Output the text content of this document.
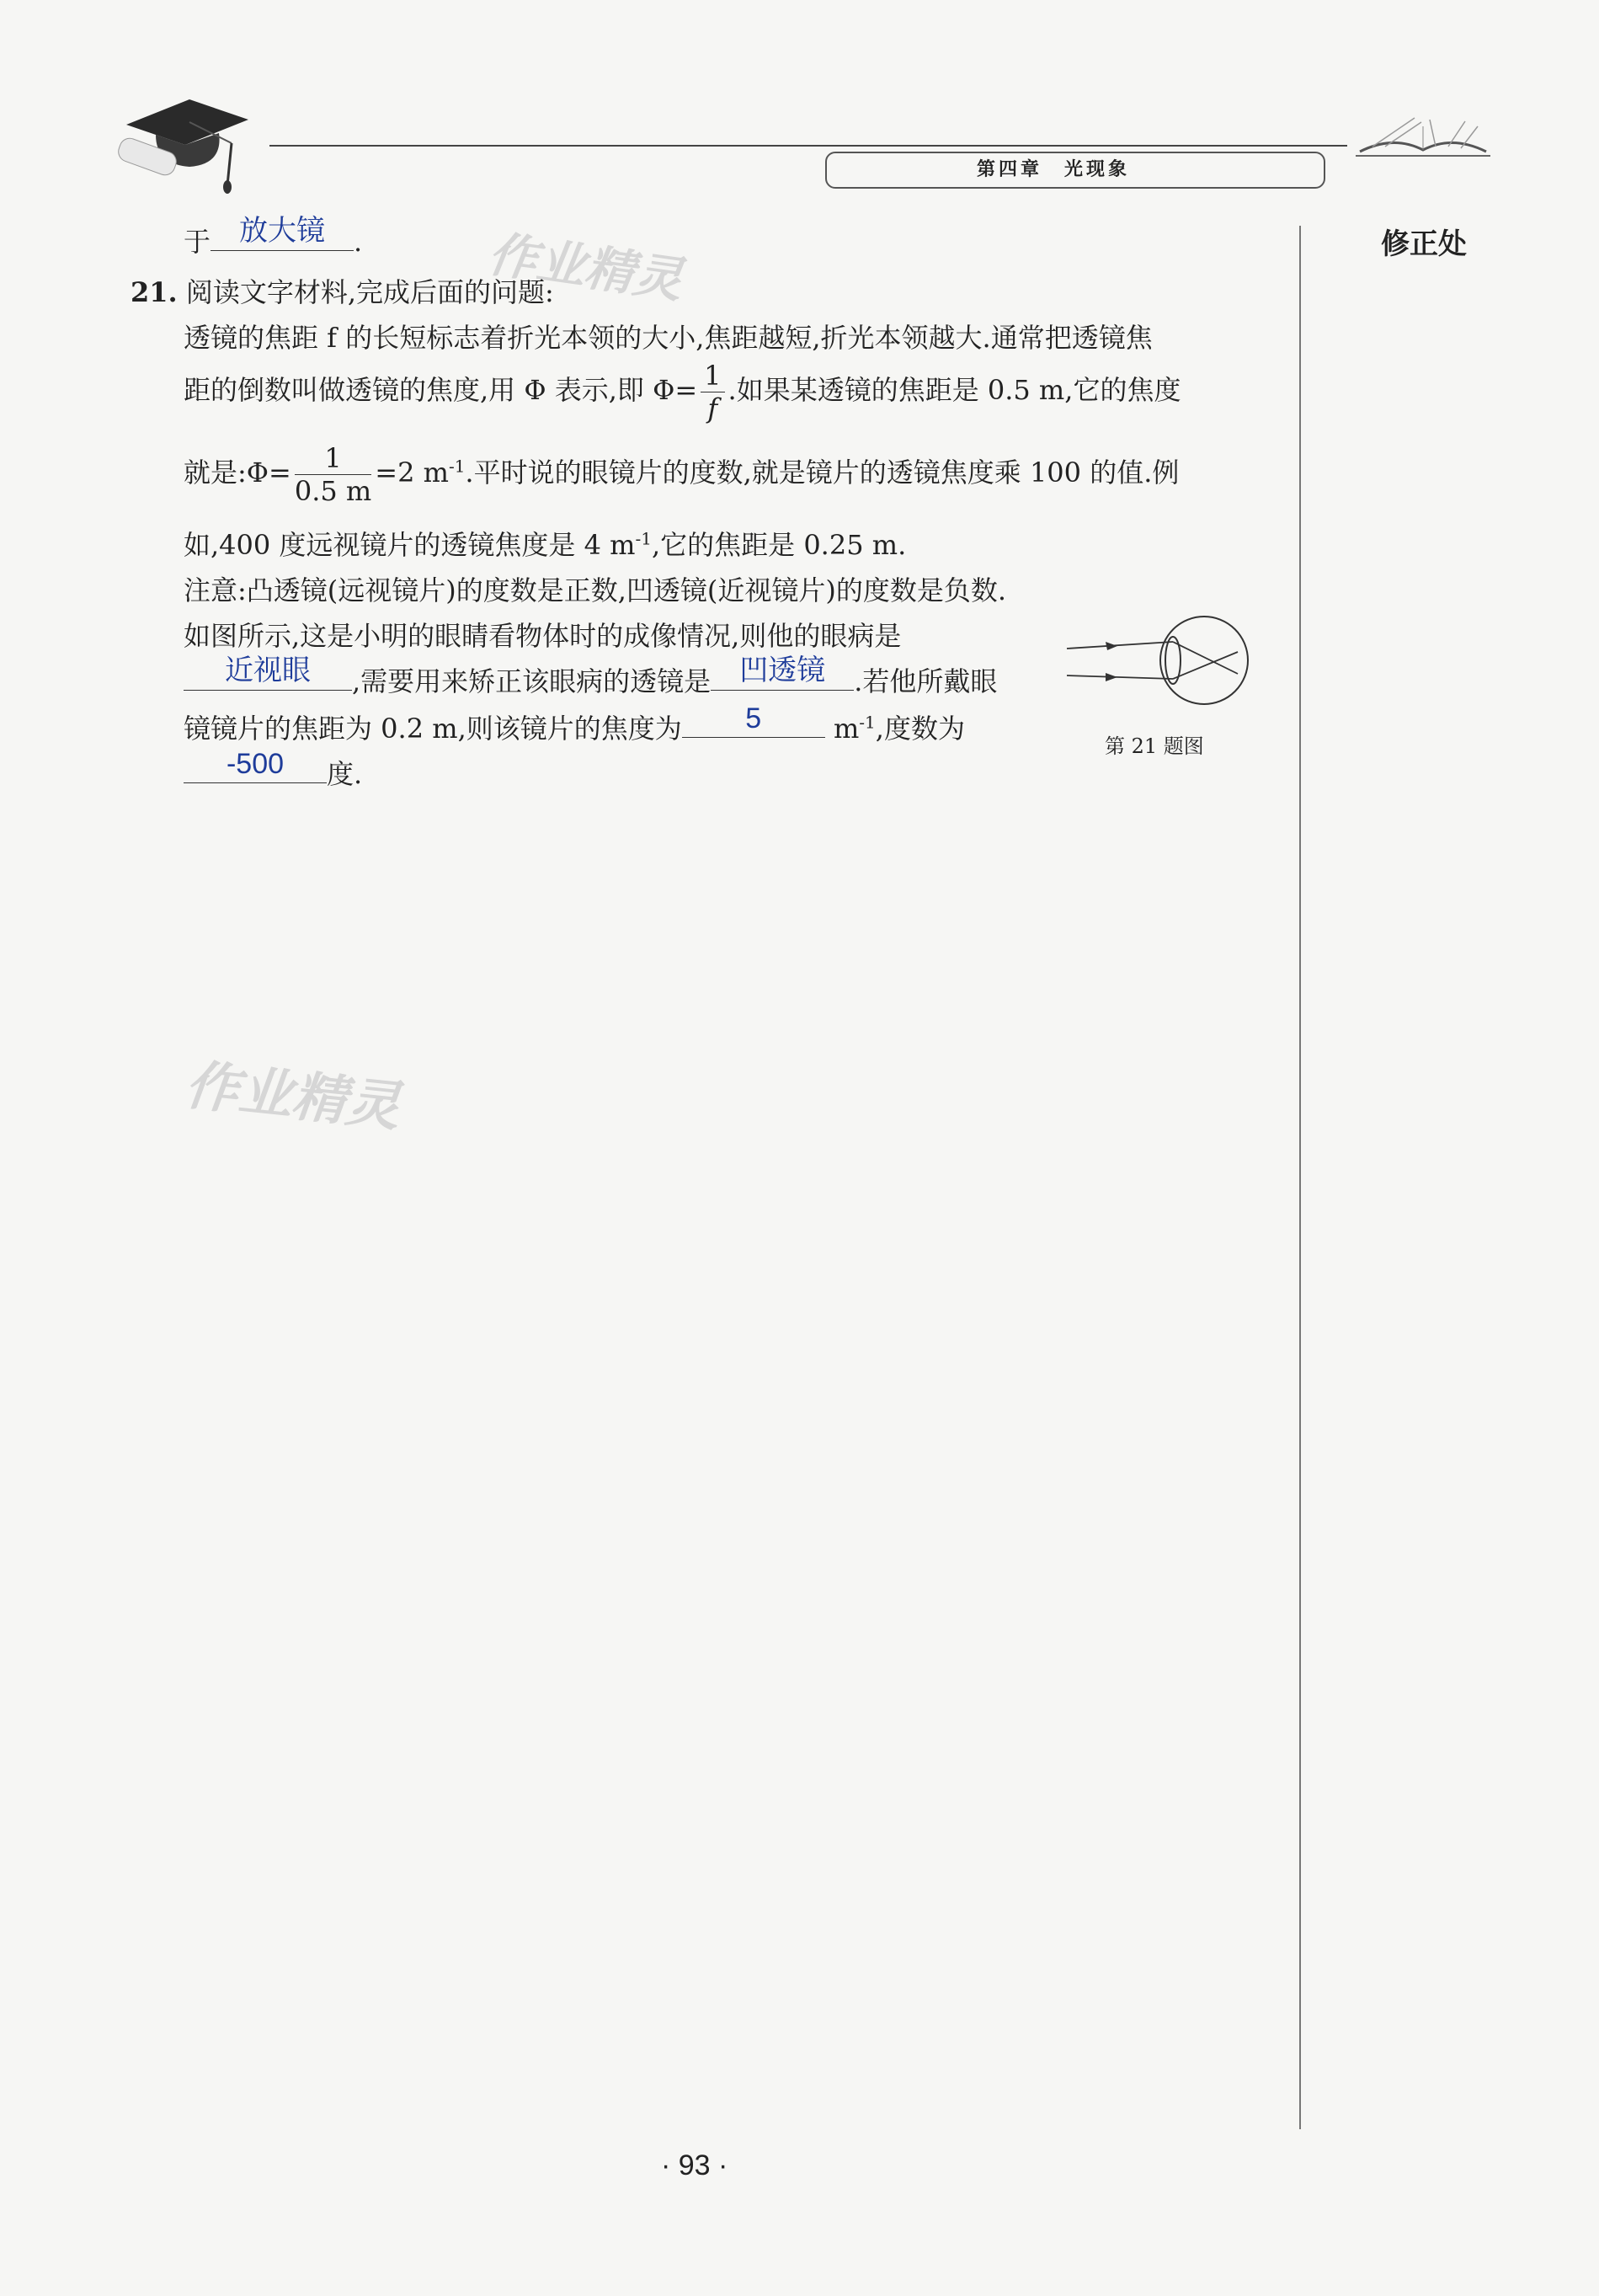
第四章　光现象
修正处
作业精灵
作业精灵
于	放大镜	.
21. 阅读文字材料,完成后面的问题:
透镜的焦距 f 的长短标志着折光本领的大小,焦距越短,折光本领越大.通常把透镜焦
距的倒数叫做透镜的焦度,用 Φ 表示,即 $\Phi= \frac{1}{f}$ .如果某透镜的焦距是 0.5 m,它的焦度
就是:Φ= $\frac{1}{0.5 m} =2$ $m^{-1}$.平时说的眼镜片的度数,就是镜片的透镜焦度乘 100 的值.例
如,400 度远视镜片的透镜焦度是 4 $m^{-1}$,它的焦距是 0.25 m.
注意:凸透镜(远视镜片)的度数是正数,凹透镜(近视镜片)的度数是负数.
如图所示,这是小明的眼睛看物体时的成像情况,则他的眼病是
近视眼	,需要用来矫正该眼病的透镜是	凹透镜	.若他所戴眼
镜镜片的焦距为 0.2 m,则该镜片的焦度为	5	$m^{-1}$,度数为
-500	度.
第 21 题图
· 93 ·
